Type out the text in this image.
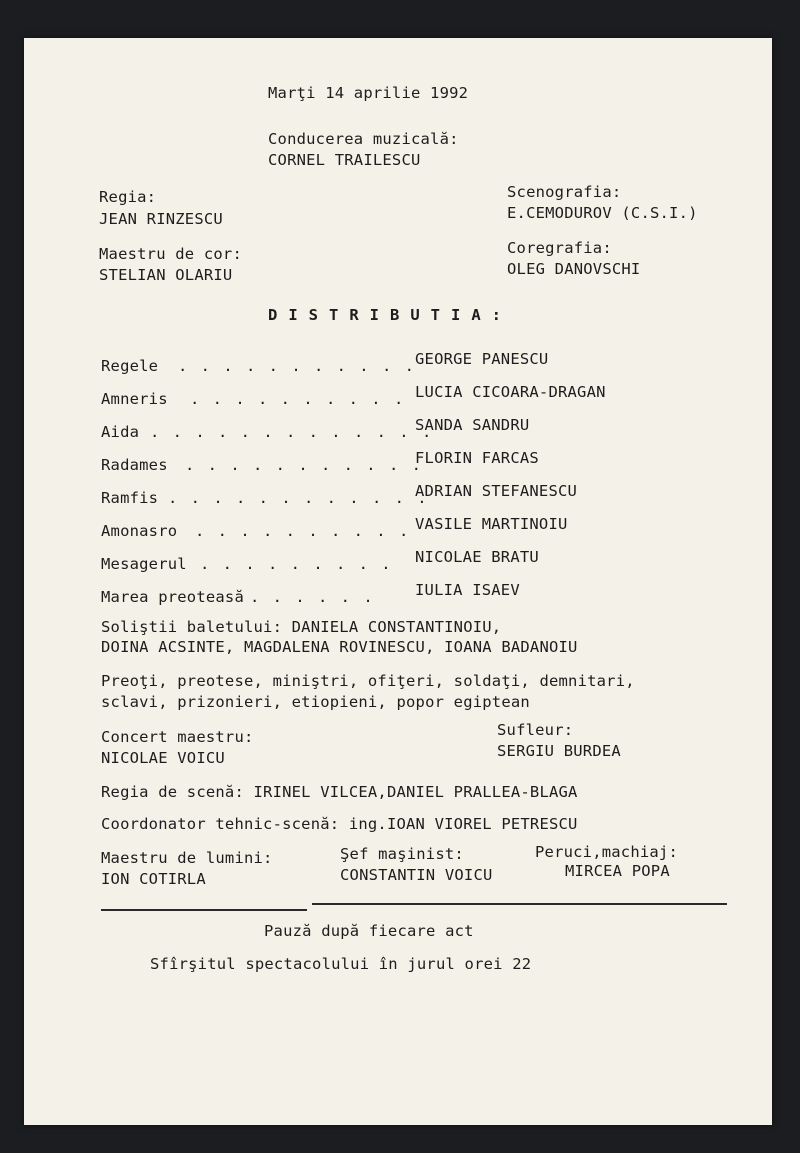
Marţi 14 aprilie 1992

Conducerea muzicală:

CORNEL TRAILESCU

Regia:

JEAN RINZESCU

Scenografia:

E.CEMODUROV (C.S.I.)

Maestru de cor:

STELIAN OLARIU

Coregrafia:

OLEG DANOVSCHI

DISTRIBUTIA:

Regele . . . . . . . . . . . GEORGE PANESCU

Amneris . . . . . . . . . . LUCIA CICOARA-DRAGAN

Aida . . . . . . . . . . . . .

SANDA SANDRU

Radames . . . . . . . . . . .

FLORIN FARCAS

Ramfis . . . . . . . . . . . .

ADRIAN STEFANESCU

Amonasro . . . . . . . . . . VASILE MARTINOIU

Mesagerul . . . . . . . . . NICOLAE BRATU

Marea preoteasă . . . . . .	IULIA ISAEV

Soliştii baletului: DANIELA CONSTANTINOIU,

DOINA ACSINTE, MAGDALENA ROVINESCU, IOANA BADANOIU

Preoţi, preotese, miniştri, ofiţeri, soldaţi, demnitari,

sclavi, prizonieri, etiopieni, popor egiptean

Concert maestru:

NICOLAE VOICU

Sufleur:

SERGIU BURDEA

Regia de scenă: IRINEL VILCEA,DANIEL PRALLEA-BLAGA

Coordonator tehnic-scenă: ing.IOAN VIOREL PETRESCU

Maestru de lumini:

ION COTIRLA

Şef maşinist:

CONSTANTIN VOICU

Peruci,machiaj:

MIRCEA POPA

Pauză după fiecare act

Sfîrşitul spectacolului în jurul orei 22
